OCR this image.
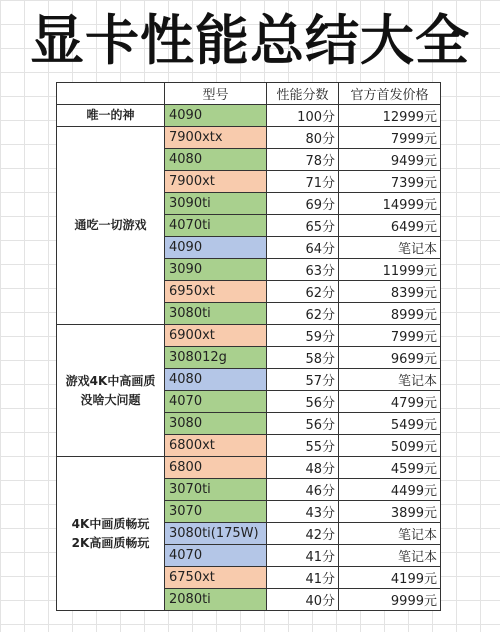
显卡性能总结大全
	型号	性能分数	官方首发价格

唯一的神	4090	100分	12999元

通吃一切游戏	7900xtx	80分	7999元
	4080	78分	9499元
	7900xt	71分	7399元
	3090ti	69分	14999元
	4070ti	65分	6499元
	4090	64分	笔记本
	3090	63分	11999元
	6950xt	62分	8399元
	3080ti	62分	8999元

游戏4K中高画质
没啥大问题	6900xt	59分	7999元
	308012g	58分	9699元
	4080	57分	笔记本
	4070	56分	4799元
	3080	56分	5499元
	6800xt	55分	5099元

4K中画质畅玩
2K高画质畅玩	6800	48分	4599元
	3070ti	46分	4499元
	3070	43分	3899元
	3080ti(175W)	42分	笔记本
	4070	41分	笔记本
	6750xt	41分	4199元
	2080ti	40分	9999元
